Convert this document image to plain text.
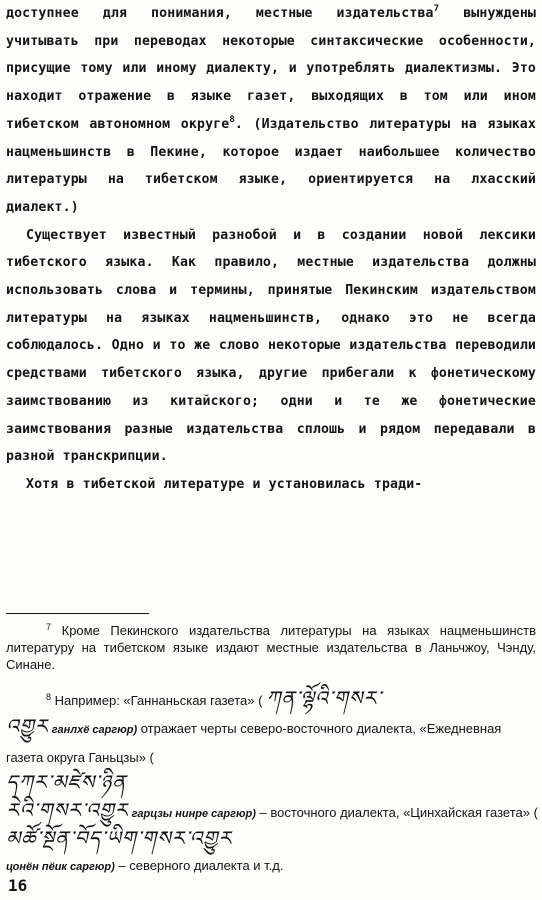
доступнее для понимания, местные издательства$^7$ вынуждены учитывать при переводах некоторые синтаксические особенности, присущие тому или иному диалекту, и употреблять диалектизмы. Это находит отражение в языке газет, выходящих в том или ином тибетском автономном округе$^8$. (Издательство литературы на языках нацменьшинств в Пекине, которое издает наибольшее количество литературы на тибетском языке, ориентируется на лхасский диалект.)

Существует известный разнобой и в создании новой лексики тибетского языка. Как правило, местные издательства должны использовать слова и термины, принятые Пекинским издательством литературы на языках нацменьшинств, однако это не всегда соблюдалось. Одно и то же слово некоторые издательства переводили средствами тибетского языка, другие прибегали к фонетическому заимствованию из китайского; одни и те же фонетические заимствования разные издательства сплошь и рядом передавали в разной транскрипции.

Хотя в тибетской литературе и установилась тради-

$^7$ Кроме Пекинского издательства литературы на языках нацменьшинств литературу на тибетском языке издают местные издательства в Ланьчжоу, Чэнду, Синане.

$^8$ Например: «Ганнаньская газета» ( ཀན་ལྷོའི་གསར་
འགྱུར ганлхё саргюр) отражает черты северо-восточного диалекта, «Ежедневная газета округа Ганьцзы» (
དཀར་མཛེས་ཉིན
རེའི་གསར་འགྱུར гарцзы нинре саргюр) – восточного диалекта, «Цинхайская газета» (
མཚོ་སྔོན་བོད་ཡིག་གསར་འགྱུར
цонён пёик саргюр) – северного диалекта и т.д.
16
